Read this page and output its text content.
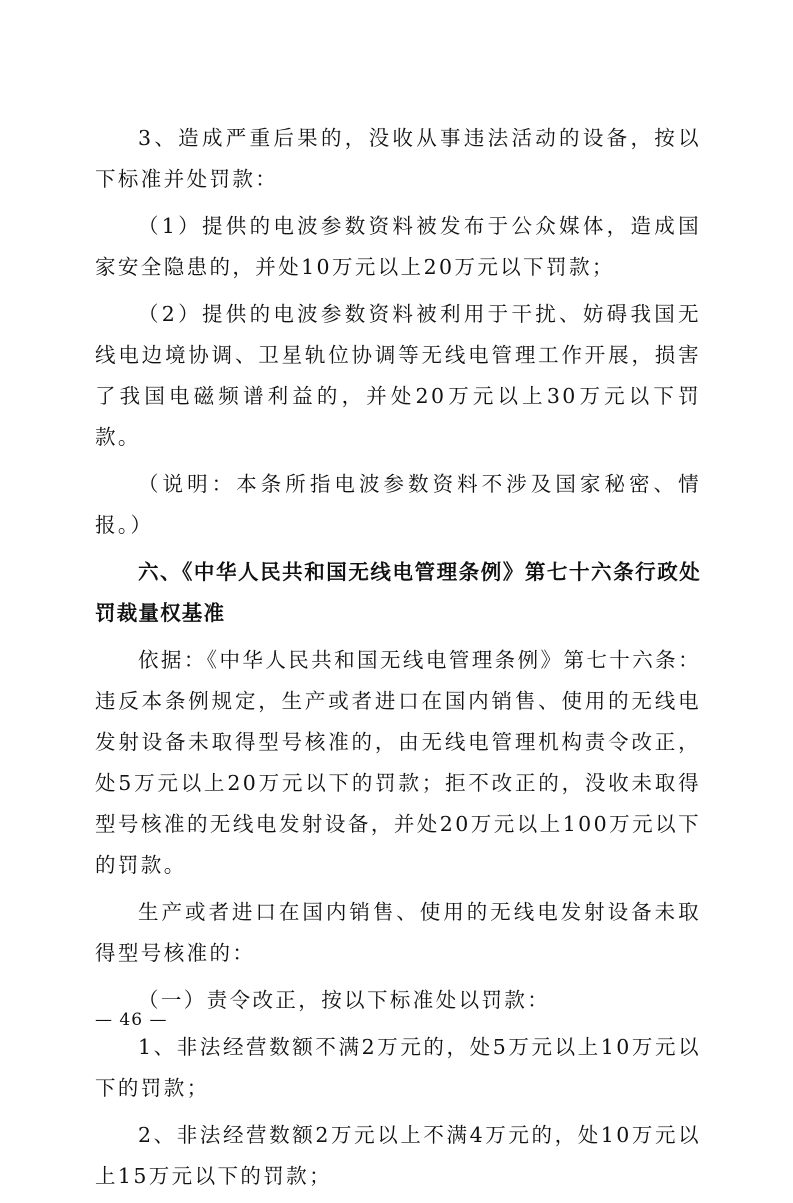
3、造成严重后果的，没收从事违法活动的设备，按以下标准并处罚款：

（1）提供的电波参数资料被发布于公众媒体，造成国家安全隐患的，并处10万元以上20万元以下罚款；

（2）提供的电波参数资料被利用于干扰、妨碍我国无线电边境协调、卫星轨位协调等无线电管理工作开展，损害了我国电磁频谱利益的，并处20万元以上30万元以下罚款。

（说明：本条所指电波参数资料不涉及国家秘密、情报。）

六、《中华人民共和国无线电管理条例》第七十六条行政处罚裁量权基准

依据：《中华人民共和国无线电管理条例》第七十六条：违反本条例规定，生产或者进口在国内销售、使用的无线电发射设备未取得型号核准的，由无线电管理机构责令改正，处5万元以上20万元以下的罚款；拒不改正的，没收未取得型号核准的无线电发射设备，并处20万元以上100万元以下的罚款。

生产或者进口在国内销售、使用的无线电发射设备未取得型号核准的：

（一）责令改正，按以下标准处以罚款：

1、非法经营数额不满2万元的，处5万元以上10万元以下的罚款；

2、非法经营数额2万元以上不满4万元的，处10万元以上15万元以下的罚款；

— 46 —
